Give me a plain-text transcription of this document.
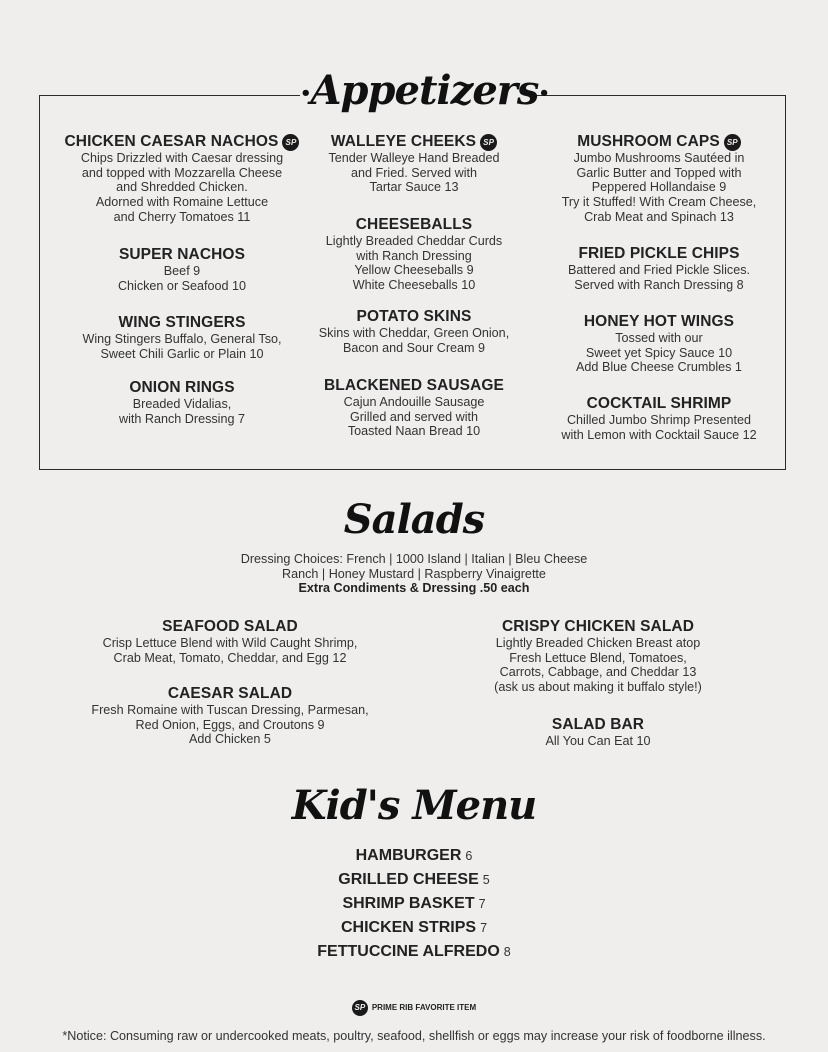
•Appetizers•
CHICKEN CAESAR NACHOS SP
Chips Drizzled with Caesar dressing
and topped with Mozzarella Cheese
and Shredded Chicken.
Adorned with Romaine Lettuce
and Cherry Tomatoes 11
SUPER NACHOS
Beef 9
Chicken or Seafood 10
WING STINGERS
Wing Stingers Buffalo, General Tso,
Sweet Chili Garlic or Plain 10
ONION RINGS
Breaded Vidalias,
with Ranch Dressing 7
WALLEYE CHEEKS SP
Tender Walleye Hand Breaded
and Fried. Served with
Tartar Sauce 13
CHEESEBALLS
Lightly Breaded Cheddar Curds
with Ranch Dressing
Yellow Cheeseballs 9
White Cheeseballs 10
POTATO SKINS
Skins with Cheddar, Green Onion,
Bacon and Sour Cream 9
BLACKENED SAUSAGE
Cajun Andouille Sausage
Grilled and served with
Toasted Naan Bread 10
MUSHROOM CAPS SP
Jumbo Mushrooms Sautéed in
Garlic Butter and Topped with
Peppered Hollandaise 9
Try it Stuffed! With Cream Cheese,
Crab Meat and Spinach 13
FRIED PICKLE CHIPS
Battered and Fried Pickle Slices.
Served with Ranch Dressing 8
HONEY HOT WINGS
Tossed with our
Sweet yet Spicy Sauce 10
Add Blue Cheese Crumbles 1
COCKTAIL SHRIMP
Chilled Jumbo Shrimp Presented
with Lemon with Cocktail Sauce 12
Salads
Dressing Choices: French | 1000 Island | Italian | Bleu Cheese
Ranch | Honey Mustard | Raspberry Vinaigrette
Extra Condiments & Dressing .50 each
SEAFOOD SALAD
Crisp Lettuce Blend with Wild Caught Shrimp,
Crab Meat, Tomato, Cheddar, and Egg 12
CAESAR SALAD
Fresh Romaine with Tuscan Dressing, Parmesan,
Red Onion, Eggs, and Croutons 9
Add Chicken 5
CRISPY CHICKEN SALAD
Lightly Breaded Chicken Breast atop
Fresh Lettuce Blend, Tomatoes,
Carrots, Cabbage, and Cheddar 13
(ask us about making it buffalo style!)
SALAD BAR
All You Can Eat 10
Kid's Menu
HAMBURGER 6
GRILLED CHEESE 5
SHRIMP BASKET 7
CHICKEN STRIPS 7
FETTUCCINE ALFREDO 8
SP PRIME RIB FAVORITE ITEM
*Notice: Consuming raw or undercooked meats, poultry, seafood, shellfish or eggs may increase your risk of foodborne illness.
